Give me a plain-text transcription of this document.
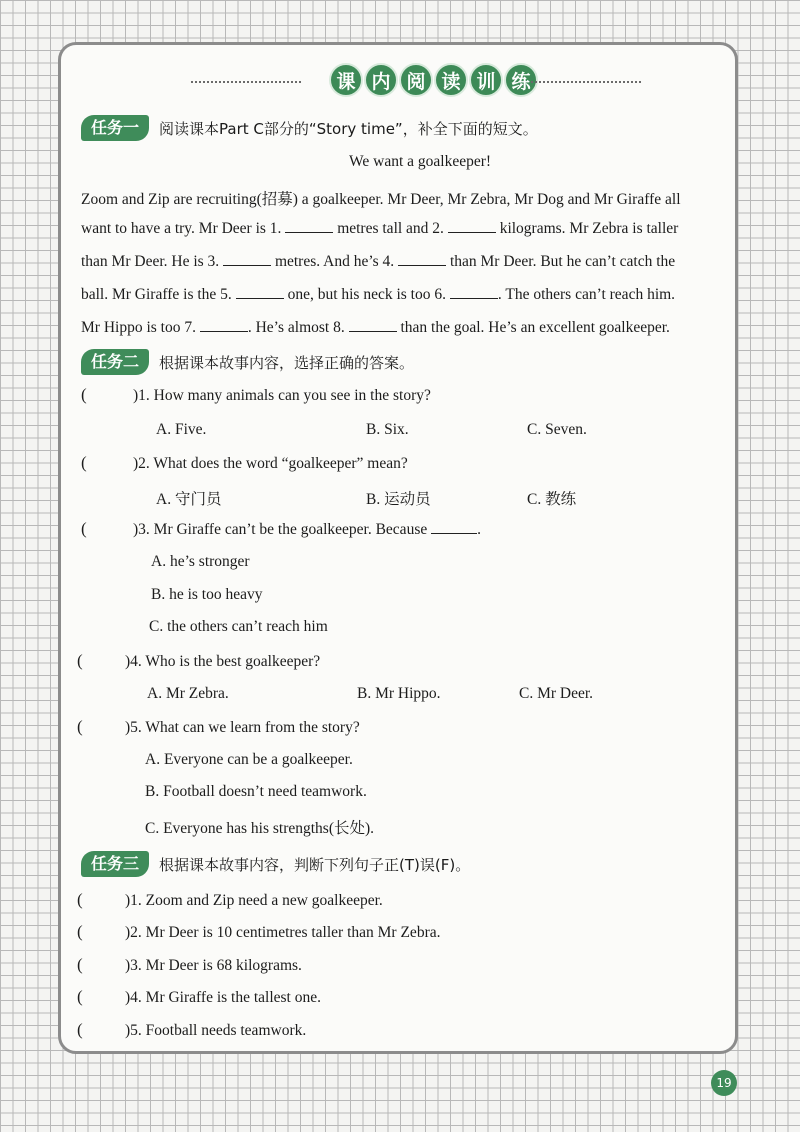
课 内 阅 读 训 练
任务一	阅读课本Part C部分的“Story time”，补全下面的短文。
We want a goalkeeper!
Zoom and Zip are recruiting(招募) a goalkeeper. Mr Deer, Mr Zebra, Mr Dog and Mr Giraffe all
want to have a try. Mr Deer is 1.	metres tall and 2.	kilograms. Mr Zebra is taller
than Mr Deer. He is 3.	metres. And he’s 4.	than Mr Deer. But he can’t catch the
ball. Mr Giraffe is the 5.	one, but his neck is too 6.	. The others can’t reach him.
Mr Hippo is too 7.	. He’s almost 8.	than the goal. He’s an excellent goalkeeper.
任务二	根据课本故事内容，选择正确的答案。
(	)1. How many animals can you see in the story?
A. Five.	B. Six.	C. Seven.
(	)2. What does the word “goalkeeper” mean?
A. 守门员	B. 运动员	C. 教练
(	)3. Mr Giraffe can’t be the goalkeeper. Because	.
A. he’s stronger
B. he is too heavy
C. the others can’t reach him
(	)4. Who is the best goalkeeper?
A. Mr Zebra.	B. Mr Hippo.	C. Mr Deer.
(	)5. What can we learn from the story?
A. Everyone can be a goalkeeper.
B. Football doesn’t need teamwork.
C. Everyone has his strengths(长处).
任务三	根据课本故事内容，判断下列句子正(T)误(F)。
(	)1. Zoom and Zip need a new goalkeeper.
(	)2. Mr Deer is 10 centimetres taller than Mr Zebra.
(	)3. Mr Deer is 68 kilograms.
(	)4. Mr Giraffe is the tallest one.
(	)5. Football needs teamwork.
19
